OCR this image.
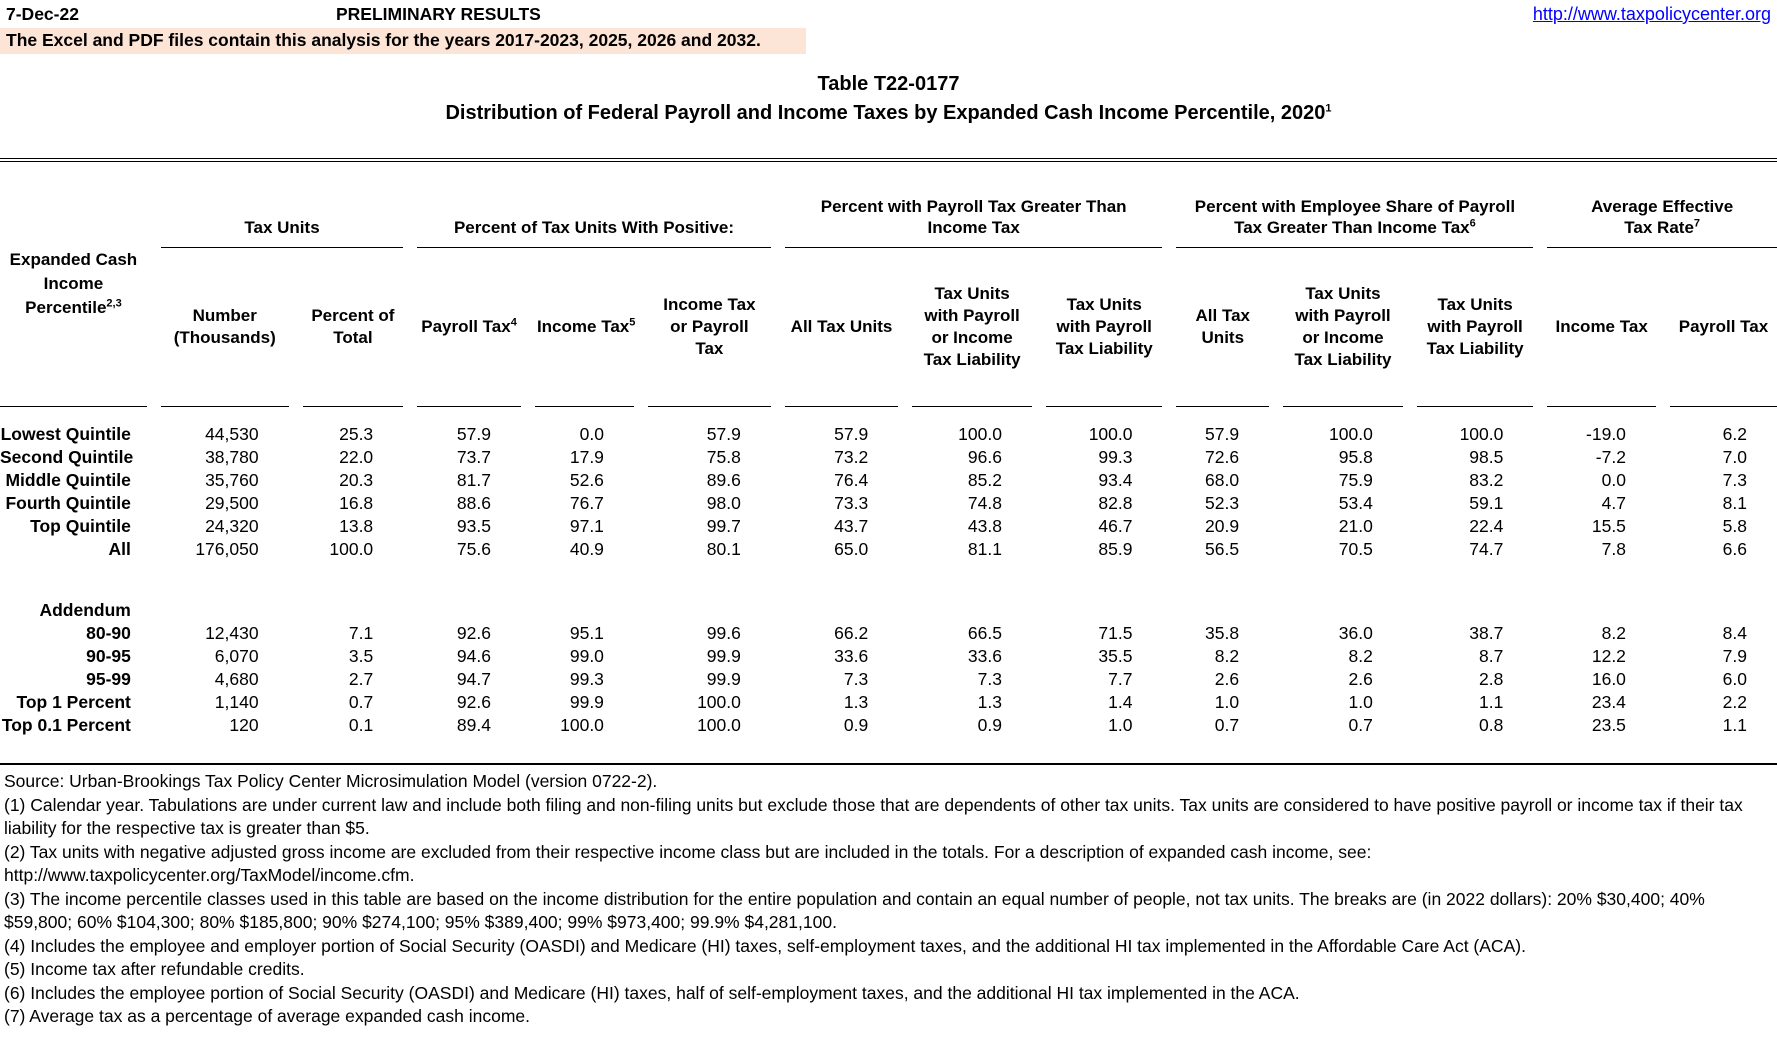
7-Dec-22	PRELIMINARY RESULTS	http://www.taxpolicycenter.org
The Excel and PDF files contain this analysis for the years 2017-2023, 2025, 2026 and 2032.
Table T22-0177
Distribution of Federal Payroll and Income Taxes by Expanded Cash Income Percentile, 2020$^1$
Expanded Cash Income Percentile$^{2,3}$	Tax Units		Percent of Tax Units With Positive:			Percent with Payroll Tax Greater Than Income Tax			Percent with Employee Share of Payroll Tax Greater Than Income Tax$^6$			Average Effective Tax Rate$^7$

	Number (Thousands)	Percent of Total	Payroll Tax$^4$	Income Tax$^5$	Income Tax or Payroll Tax	All Tax Units	Tax Units with Payroll or Income Tax Liability	Tax Units with Payroll Tax Liability	All Tax Units	Tax Units with Payroll or Income Tax Liability	Tax Units with Payroll Tax Liability	Income Tax	Payroll Tax

Lowest Quintile	44,530	25.3	57.9	0.0	57.9	57.9	100.0	100.0	57.9	100.0	100.0	-19.0	6.2
Second Quintile	38,780	22.0	73.7	17.9	75.8	73.2	96.6	99.3	72.6	95.8	98.5	-7.2	7.0
Middle Quintile	35,760	20.3	81.7	52.6	89.6	76.4	85.2	93.4	68.0	75.9	83.2	0.0	7.3
Fourth Quintile	29,500	16.8	88.6	76.7	98.0	73.3	74.8	82.8	52.3	53.4	59.1	4.7	8.1
Top Quintile	24,320	13.8	93.5	97.1	99.7	43.7	43.8	46.7	20.9	21.0	22.4	15.5	5.8
All	176,050	100.0	75.6	40.9	80.1	65.0	81.1	85.9	56.5	70.5	74.7	7.8	6.6

Addendum													
80-90	12,430	7.1	92.6	95.1	99.6	66.2	66.5	71.5	35.8	36.0	38.7	8.2	8.4
90-95	6,070	3.5	94.6	99.0	99.9	33.6	33.6	35.5	8.2	8.2	8.7	12.2	7.9
95-99	4,680	2.7	94.7	99.3	99.9	7.3	7.3	7.7	2.6	2.6	2.8	16.0	6.0
Top 1 Percent	1,140	0.7	92.6	99.9	100.0	1.3	1.3	1.4	1.0	1.0	1.1	23.4	2.2
Top 0.1 Percent	120	0.1	89.4	100.0	100.0	0.9	0.9	1.0	0.7	0.7	0.8	23.5	1.1

Source: Urban-Brookings Tax Policy Center Microsimulation Model (version 0722-2).

(1) Calendar year. Tabulations are under current law and include both filing and non-filing units but exclude those that are dependents of other tax units. Tax units are considered to have positive payroll or income tax if their tax liability for the respective tax is greater than $5.

(2) Tax units with negative adjusted gross income are excluded from their respective income class but are included in the totals. For a description of expanded cash income, see:

http://www.taxpolicycenter.org/TaxModel/income.cfm.

(3) The income percentile classes used in this table are based on the income distribution for the entire population and contain an equal number of people, not tax units. The breaks are (in 2022 dollars): 20% $30,400; 40% $59,800; 60% $104,300; 80% $185,800; 90% $274,100; 95% $389,400; 99% $973,400; 99.9% $4,281,100.

(4) Includes the employee and employer portion of Social Security (OASDI) and Medicare (HI) taxes, self-employment taxes, and the additional HI tax implemented in the Affordable Care Act (ACA).

(5) Income tax after refundable credits.

(6) Includes the employee portion of Social Security (OASDI) and Medicare (HI) taxes, half of self-employment taxes, and the additional HI tax implemented in the ACA.

(7) Average tax as a percentage of average expanded cash income.
